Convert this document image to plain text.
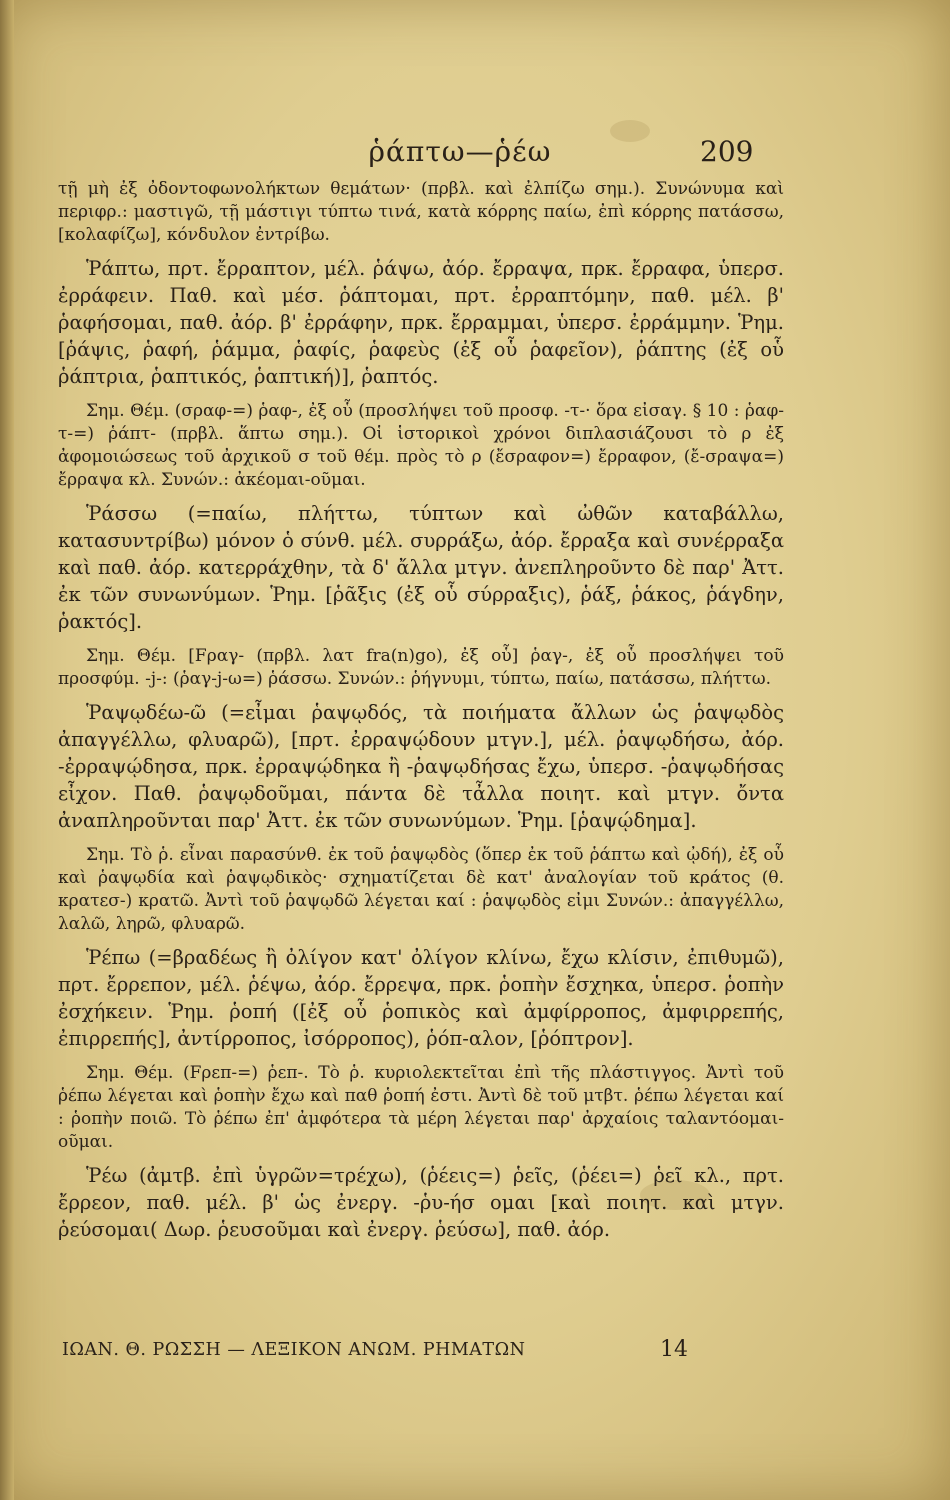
ῥάπτω—ῥέω	209

τῇ μὴ ἐξ ὀδοντοφωνολήκτων θεμάτων· (πρβλ. καὶ ἐλπίζω σημ.). Συνώνυμα καὶ περιφρ.: μαστιγῶ, τῇ μάστιγι τύπτω τινά, κατὰ κόρρης παίω, ἐπὶ κόρρης πατάσσω, [κολαφίζω], κόνδυλον ἐντρίβω.

Ῥάπτω, πρτ. ἔρραπτον, μέλ. ῥάψω, ἀόρ. ἔρραψα, πρκ. ἔρραφα, ὑπερσ. ἐρράφειν. Παθ. καὶ μέσ. ῥάπτομαι, πρτ. ἐρραπτόμην, παθ. μέλ. β' ῥαφήσομαι, παθ. ἀόρ. β' ἐρράφην, πρκ. ἔρραμμαι, ὑπερσ. ἐρράμμην. Ῥημ. [ῥάψις, ῥαφή, ῥάμμα, ῥαφίς, ῥαφεὺς (ἐξ οὗ ῥαφεῖον), ῥάπτης (ἐξ οὗ ῥάπτρια, ῥαπτικός, ῥαπτική)], ῥαπτός.

Σημ. Θέμ. (σραφ-=) ῥαφ-, ἐξ οὗ (προσλήψει τοῦ προσφ. -τ-· ὅρα εἰσαγ. § 10 : ῥαφ-τ-=) ῥάπτ- (πρβλ. ἅπτω σημ.). Οἱ ἱστορικοὶ χρόνοι διπλασιάζουσι τὸ ρ ἐξ ἀφομοιώσεως τοῦ ἀρχικοῦ σ τοῦ θέμ. πρὸς τὸ ρ (ἔσραφον=) ἔρραφον, (ἔ-σραψα=) ἔρραψα κλ. Συνών.: ἀκέομαι-οῦμαι.

Ῥάσσω (=παίω, πλήττω, τύπτων καὶ ὠθῶν καταβάλλω, κατασυντρίβω) μόνον ὁ σύνθ. μέλ. συρράξω, ἀόρ. ἔρραξα καὶ συνέρραξα καὶ παθ. ἀόρ. κατερράχθην, τὰ δ' ἄλλα μτγν. ἀνεπληροῦντο δὲ παρ' Ἀττ. ἐκ τῶν συνωνύμων. Ῥημ. [ῥᾶξις (ἐξ οὗ σύρραξις), ῥάξ, ῥάκος, ῥάγδην, ῥακτός].

Σημ. Θέμ. [Fραγ- (πρβλ. λατ fra(n)go), ἐξ οὗ] ῥαγ-, ἐξ οὗ προσλήψει τοῦ προσφύμ. -j-: (ῥαγ-j-ω=) ῥάσσω. Συνών.: ῥήγνυμι, τύπτω, παίω, πατάσσω, πλήττω.

Ῥαψῳδέω-ῶ (=εἶμαι ῥαψῳδός, τὰ ποιήματα ἄλλων ὡς ῥαψῳδὸς ἀπαγγέλλω, φλυαρῶ), [πρτ. ἐρραψῴδουν μτγν.], μέλ. ῥαψῳδήσω, ἀόρ. -ἐρραψῴδησα, πρκ. ἐρραψῴδηκα ἢ -ῥαψῳδήσας ἔχω, ὑπερσ. -ῥαψῳδήσας εἶχον. Παθ. ῥαψῳδοῦμαι, πάντα δὲ τἆλλα ποιητ. καὶ μτγν. ὄντα ἀναπληροῦνται παρ' Ἀττ. ἐκ τῶν συνωνύμων. Ῥημ. [ῥαψῴδημα].

Σημ. Τὸ ῥ. εἶναι παρασύνθ. ἐκ τοῦ ῥαψῳδὸς (ὅπερ ἐκ τοῦ ῥάπτω καὶ ᾠδή), ἐξ οὗ καὶ ῥαψῳδία καὶ ῥαψῳδικὸς· σχηματίζεται δὲ κατ' ἀναλογίαν τοῦ κράτος (θ. κρατεσ-) κρατῶ. Ἀντὶ τοῦ ῥαψῳδῶ λέγεται καί : ῥαψῳδὸς εἰμι Συνών.: ἀπαγγέλλω, λαλῶ, ληρῶ, φλυαρῶ.

Ῥέπω (=βραδέως ἢ ὀλίγον κατ' ὀλίγον κλίνω, ἔχω κλίσιν, ἐπιθυμῶ), πρτ. ἔρρεπον, μέλ. ῥέψω, ἀόρ. ἔρρεψα, πρκ. ῥοπὴν ἔσχηκα, ὑπερσ. ῥοπὴν ἐσχήκειν. Ῥημ. ῥοπή ([ἐξ οὗ ῥοπικὸς καὶ ἀμφίρροπος, ἀμφιρρεπής, ἐπιρρεπής], ἀντίρροπος, ἰσόρροπος), ῥόπ-αλον, [ῥόπτρον].

Σημ. Θέμ. (Fρεπ-=) ῥεπ-. Τὸ ῥ. κυριολεκτεῖται ἐπὶ τῆς πλάστιγγος. Ἀντὶ τοῦ ῥέπω λέγεται καὶ ῥοπὴν ἔχω καὶ παθ ῥοπή ἐστι. Ἀντὶ δὲ τοῦ μτβτ. ῥέπω λέγεται καί : ῥοπὴν ποιῶ. Τὸ ῥέπω ἐπ' ἀμφότερα τὰ μέρη λέγεται παρ' ἀρχαίοις ταλαντόομαι-οῦμαι.

Ῥέω (ἀμτβ. ἐπὶ ὑγρῶν=τρέχω), (ῥέεις=) ῥεῖς, (ῥέει=) ῥεῖ κλ., πρτ. ἔρρεον, παθ. μέλ. β' ὡς ἐνεργ. -ῥυ-ήσ ομαι [καὶ ποιητ. καὶ μτγν. ῥεύσομαι( Δωρ. ῥευσοῦμαι καὶ ἐνεργ. ῥεύσω], παθ. ἀόρ.

ΙΩΑΝ. Θ. ΡΩΣΣΗ — ΛΕΞΙΚΟΝ ΑΝΩΜ. ΡΗΜΑΤΩΝ	14
